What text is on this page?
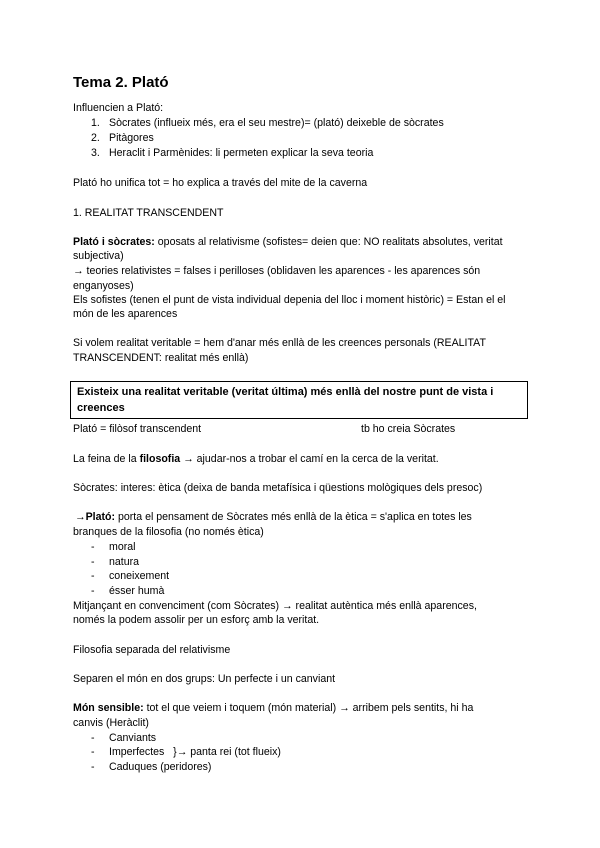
Tema 2. Plató
Influencien a Plató:
1. Sòcrates (influeix més, era el seu mestre)= (plató) deixeble de sòcrates
2. Pitàgores
3. Heraclit i Parmènides: li permeten explicar la seva teoria
Plató ho unifica tot = ho explica a través del mite de la caverna
1. REALITAT TRANSCENDENT
Plató i sòcrates: oposats al relativisme (sofistes= deien que: NO realitats absolutes, veritat
subjectiva)
→ teories relativistes = falses i perilloses (oblidaven les aparences - les aparences són
enganyoses)
Els sofistes (tenen el punt de vista individual depenia del lloc i moment històric) = Estan el el
món de les aparences
Si volem realitat veritable = hem d'anar més enllà de les creences personals (REALITAT
TRANSCENDENT: realitat més enllà)
Existeix una realitat veritable (veritat última) més enllà del nostre punt de vista i
creences
Plató = filòsof transcendent	tb ho creia Sòcrates
La feina de la filosofia → ajudar-nos a trobar el camí en la cerca de la veritat.
Sòcrates: interes: ètica (deixa de banda metafísica i qüestions mològiques dels presoc)
→Plató: porta el pensament de Sòcrates més enllà de la ètica = s'aplica en totes les
branques de la filosofia (no només ètica)
- moral
- natura
- coneixement
- ésser humà
Mitjançant en convenciment (com Sòcrates) → realitat autèntica més enllà aparences,
només la podem assolir per un esforç amb la veritat.
Filosofia separada del relativisme
Separen el món en dos grups: Un perfecte i un canviant
Món sensible: tot el que veiem i toquem (món material) → arribem pels sentits, hi ha
canvis (Heràclit)
- Canviants
- Imperfectes   }→ panta rei (tot flueix)
- Caduques (peridores)
